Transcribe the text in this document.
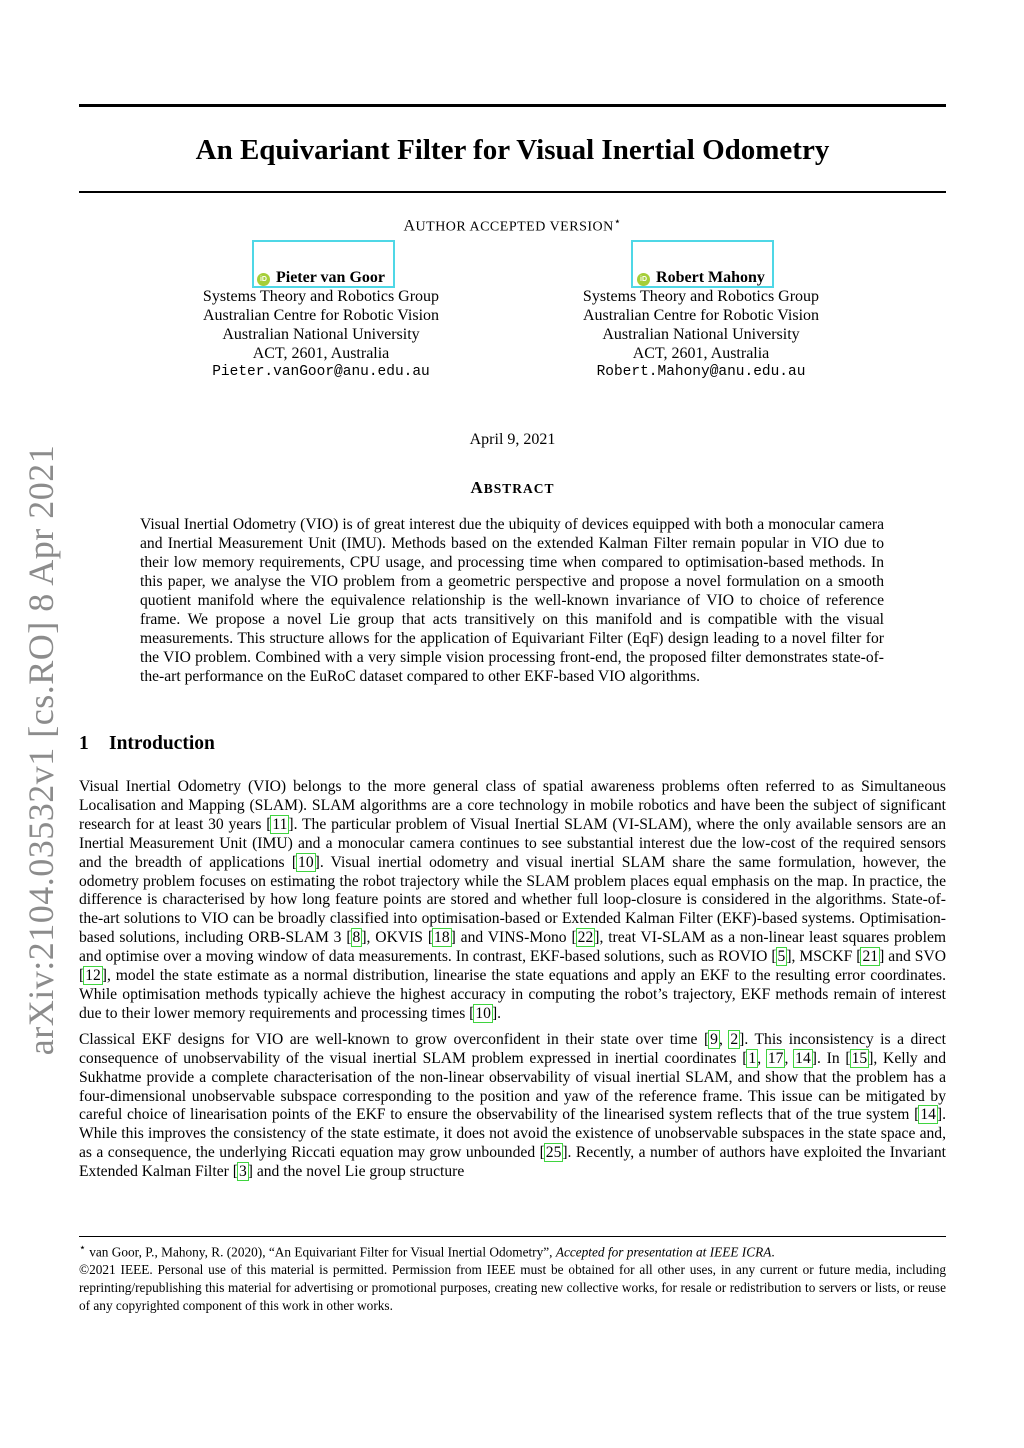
arXiv:2104.03532v1 [cs.RO] 8 Apr 2021
An Equivariant Filter for Visual Inertial Odometry
AUTHOR ACCEPTED VERSION⋆
iD Pieter van Goor
Systems Theory and Robotics Group
Australian Centre for Robotic Vision
Australian National University
ACT, 2601, Australia
Pieter.vanGoor@anu.edu.au
iD Robert Mahony
Systems Theory and Robotics Group
Australian Centre for Robotic Vision
Australian National University
ACT, 2601, Australia
Robert.Mahony@anu.edu.au
April 9, 2021
ABSTRACT
Visual Inertial Odometry (VIO) is of great interest due the ubiquity of devices equipped with both a monocular camera and Inertial Measurement Unit (IMU). Methods based on the extended Kalman Filter remain popular in VIO due to their low memory requirements, CPU usage, and processing time when compared to optimisation-based methods. In this paper, we analyse the VIO problem from a geometric perspective and propose a novel formulation on a smooth quotient manifold where the equivalence relationship is the well-known invariance of VIO to choice of reference frame. We propose a novel Lie group that acts transitively on this manifold and is compatible with the visual measurements. This structure allows for the application of Equivariant Filter (EqF) design leading to a novel filter for the VIO problem. Combined with a very simple vision processing front-end, the proposed filter demonstrates state-of-the-art performance on the EuRoC dataset compared to other EKF-based VIO algorithms.
1 Introduction

Visual Inertial Odometry (VIO) belongs to the more general class of spatial awareness problems often referred to as Simultaneous Localisation and Mapping (SLAM). SLAM algorithms are a core technology in mobile robotics and have been the subject of significant research for at least 30 years [11]. The particular problem of Visual Inertial SLAM (VI-SLAM), where the only available sensors are an Inertial Measurement Unit (IMU) and a monocular camera continues to see substantial interest due the low-cost of the required sensors and the breadth of applications [10]. Visual inertial odometry and visual inertial SLAM share the same formulation, however, the odometry problem focuses on estimating the robot trajectory while the SLAM problem places equal emphasis on the map. In practice, the difference is characterised by how long feature points are stored and whether full loop-closure is considered in the algorithms. State-of-the-art solutions to VIO can be broadly classified into optimisation-based or Extended Kalman Filter (EKF)-based systems. Optimisation-based solutions, including ORB-SLAM 3 [8], OKVIS [18] and VINS-Mono [22], treat VI-SLAM as a non-linear least squares problem and optimise over a moving window of data measurements. In contrast, EKF-based solutions, such as ROVIO [5], MSCKF [21] and SVO [12], model the state estimate as a normal distribution, linearise the state equations and apply an EKF to the resulting error coordinates. While optimisation methods typically achieve the highest accuracy in computing the robot’s trajectory, EKF methods remain of interest due to their lower memory requirements and processing times [10].

Classical EKF designs for VIO are well-known to grow overconfident in their state over time [9, 2]. This inconsistency is a direct consequence of unobservability of the visual inertial SLAM problem expressed in inertial coordinates [1, 17, 14]. In [15], Kelly and Sukhatme provide a complete characterisation of the non-linear observability of visual inertial SLAM, and show that the problem has a four-dimensional unobservable subspace corresponding to the position and yaw of the reference frame. This issue can be mitigated by careful choice of linearisation points of the EKF to ensure the observability of the linearised system reflects that of the true system [14]. While this improves the consistency of the state estimate, it does not avoid the existence of unobservable subspaces in the state space and, as a consequence, the underlying Riccati equation may grow unbounded [25]. Recently, a number of authors have exploited the Invariant Extended Kalman Filter [3] and the novel Lie group structure

⋆ van Goor, P., Mahony, R. (2020), “An Equivariant Filter for Visual Inertial Odometry”, Accepted for presentation at IEEE ICRA.

©2021 IEEE. Personal use of this material is permitted. Permission from IEEE must be obtained for all other uses, in any current or future media, including reprinting/republishing this material for advertising or promotional purposes, creating new collective works, for resale or redistribution to servers or lists, or reuse of any copyrighted component of this work in other works.
